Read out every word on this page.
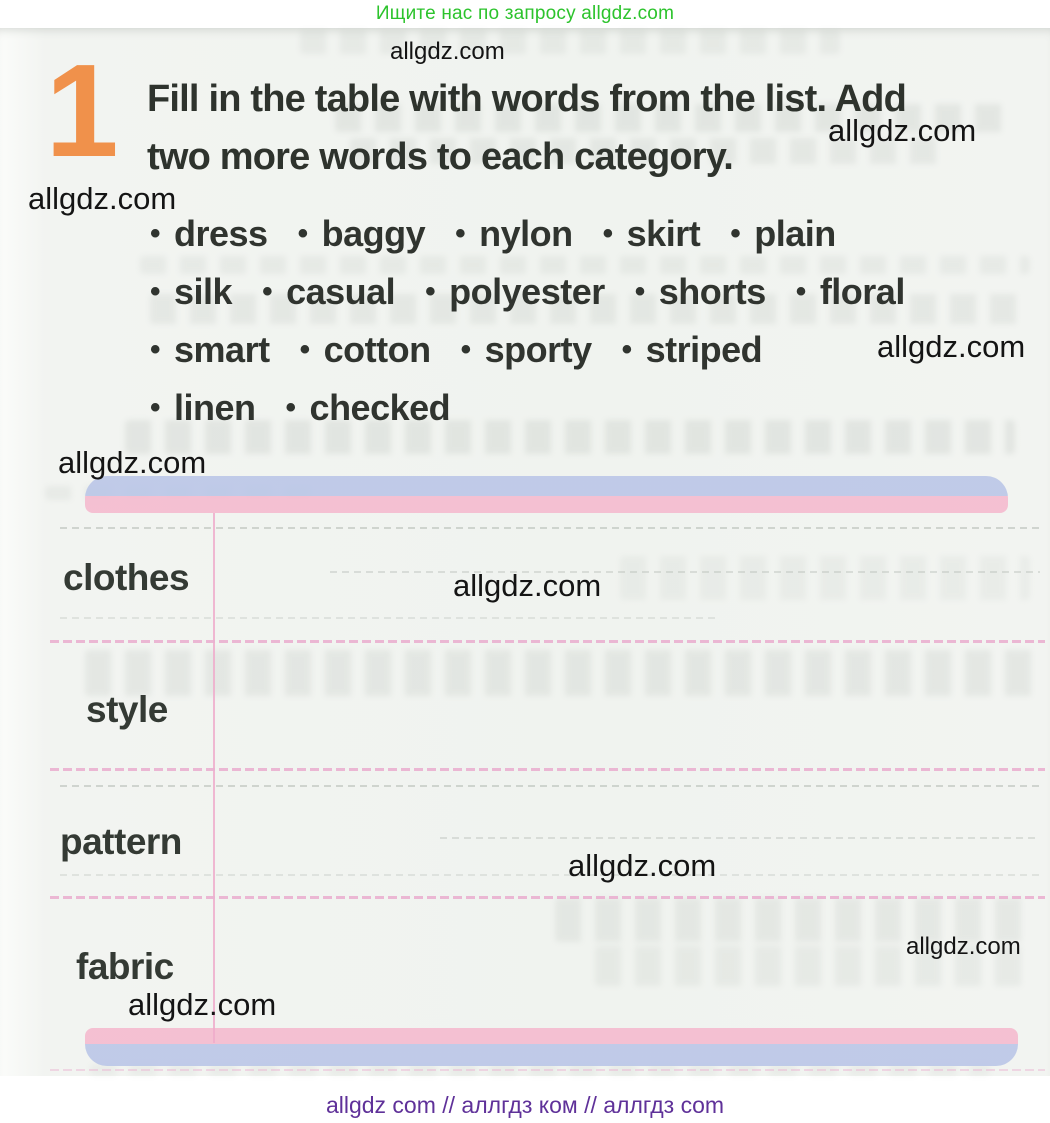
Ищите нас по запросу allgdz.com
1 Fill in the table with words from the list. Add
two more words to each category.
• dress • baggy • nylon • skirt • plain
• silk • casual • polyester • shorts • floral
• smart • cotton • sporty • striped
• linen • checked
clothes
style
pattern
fabric
allgdz.com
allgdz.com
allgdz.com
allgdz.com
allgdz.com
allgdz.com
allgdz.com
allgdz.com
allgdz.com
allgdz com // аллгдз ком // аллгдз com
